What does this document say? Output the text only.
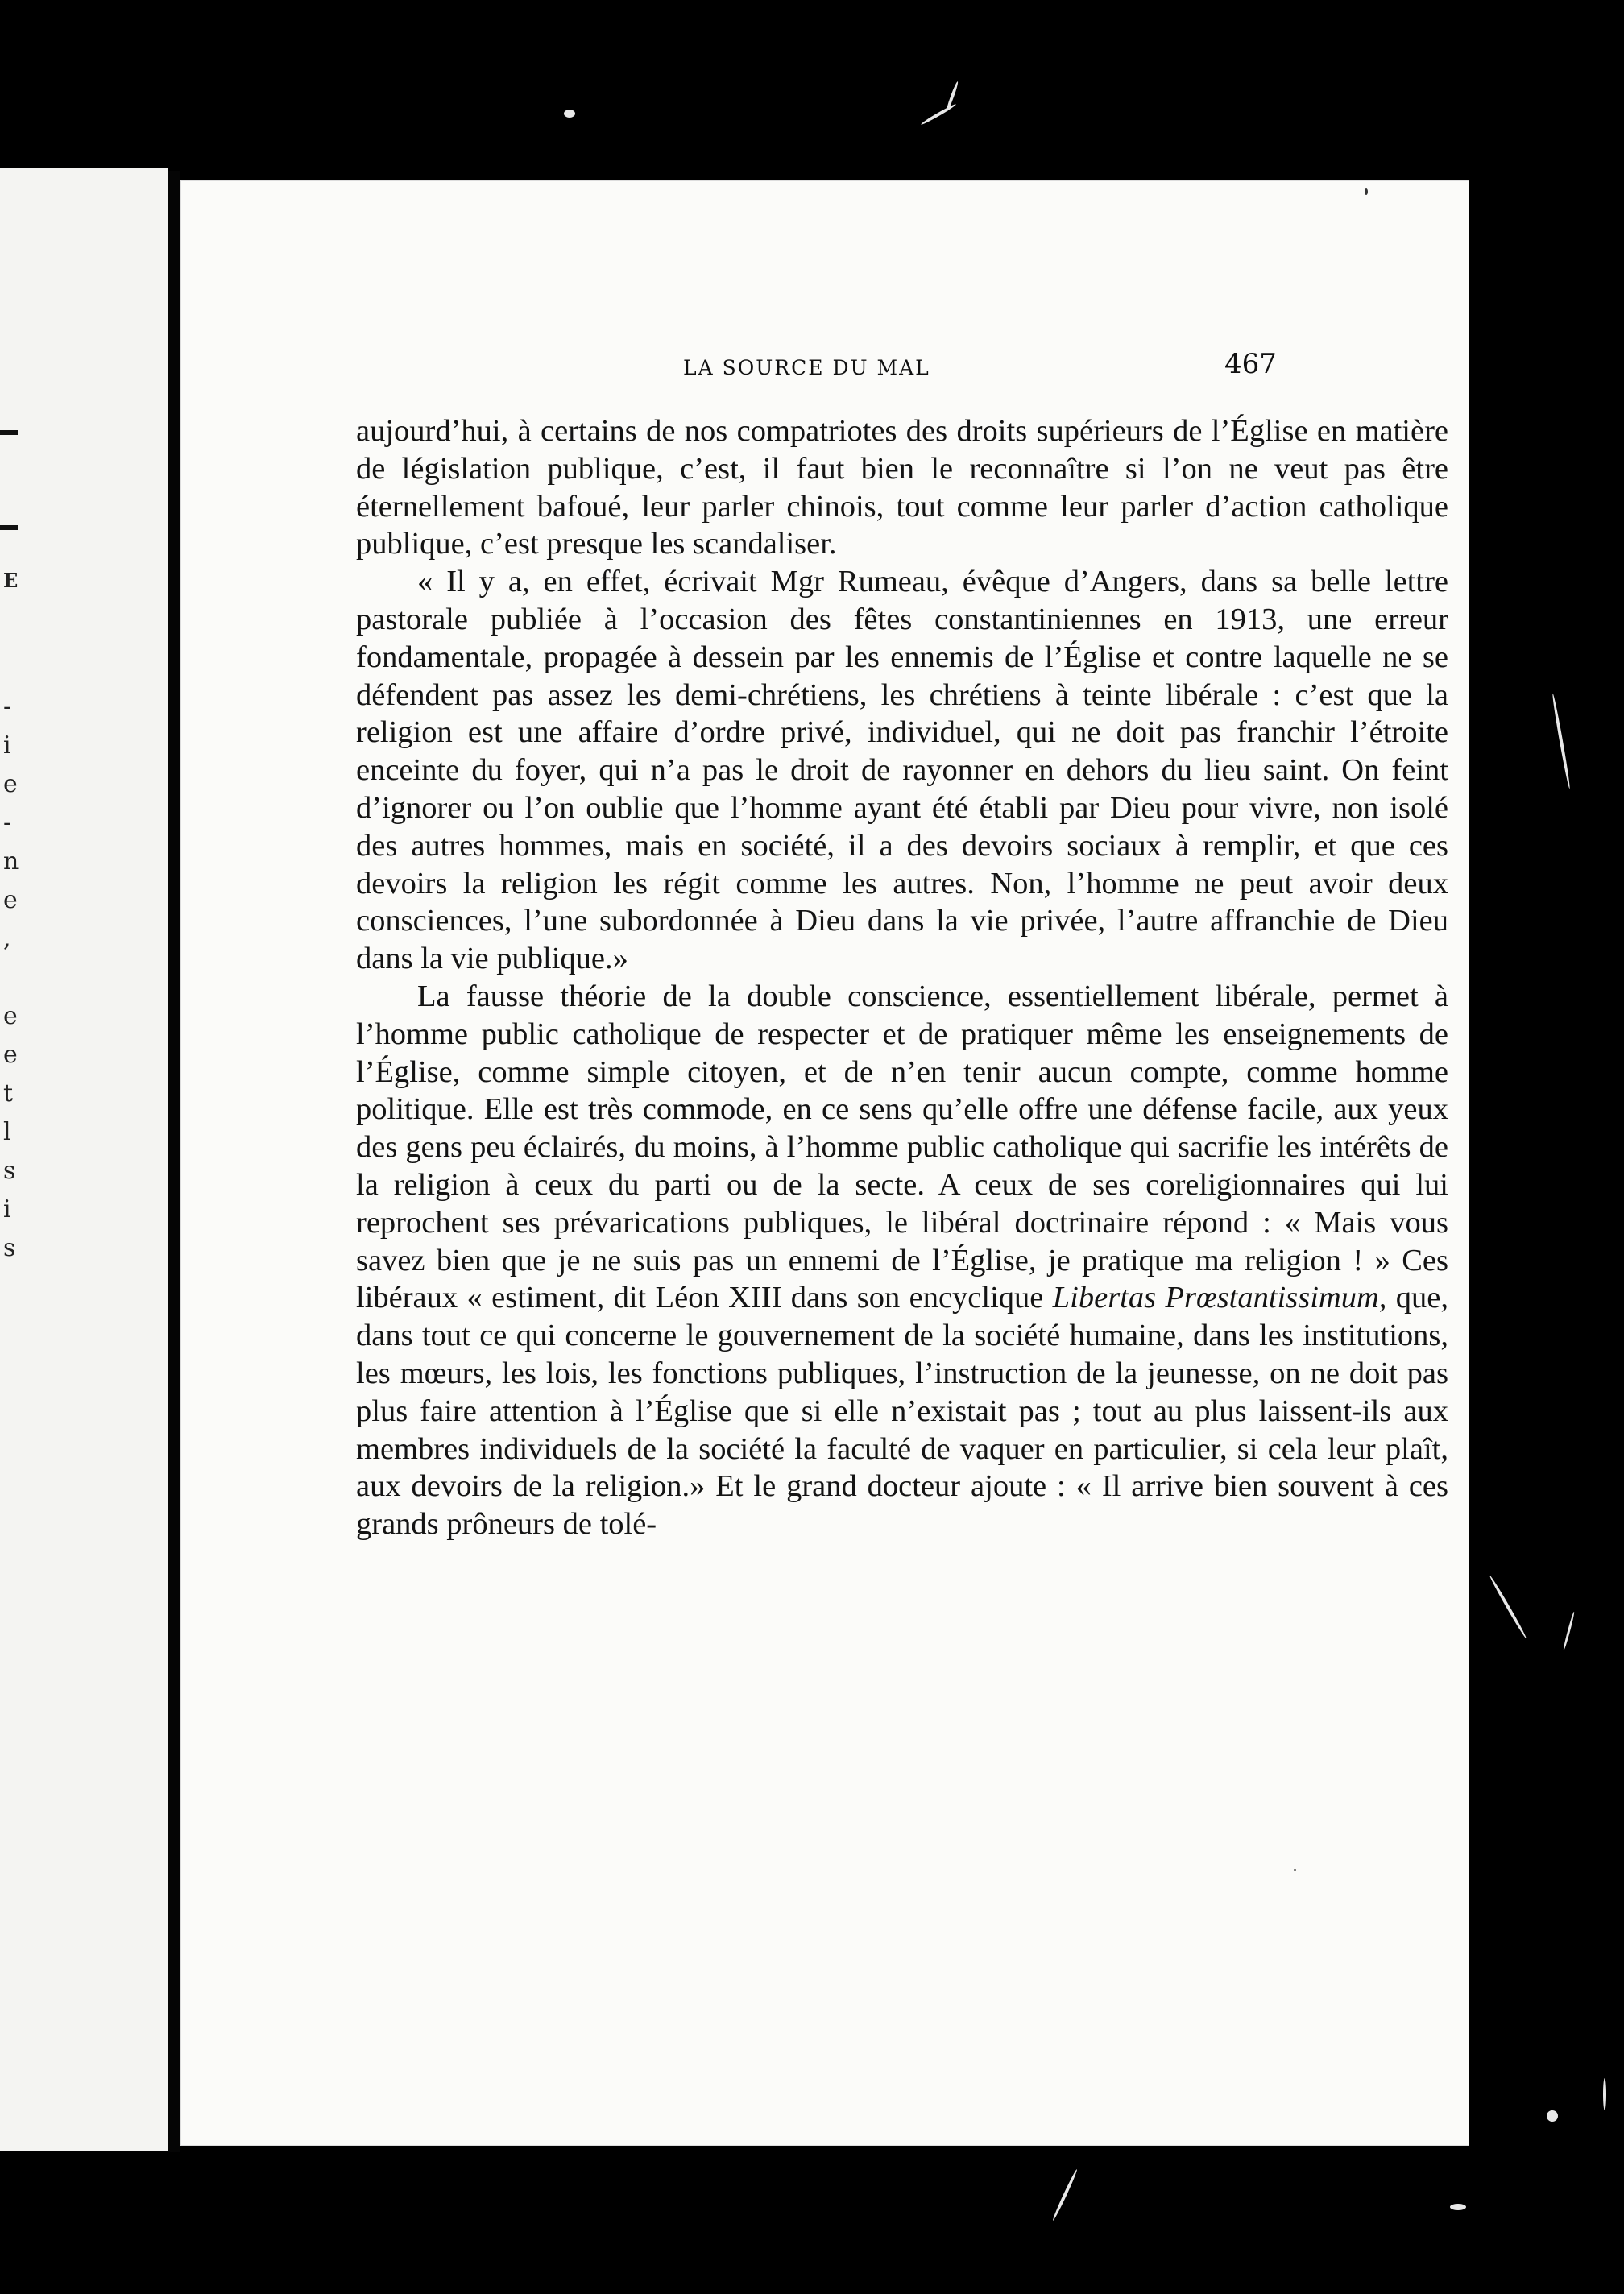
E
-
i
e
-
n
e
,
e
e
t
l
s
i
s
LA SOURCE DU MAL	467

aujourd’hui, à certains de nos compatriotes des droits supérieurs de l’Église en matière de législation publique, c’est, il faut bien le reconnaître si l’on ne veut pas être éternellement bafoué, leur parler chinois, tout comme leur parler d’action catholique publique, c’est presque les scandaliser.

« Il y a, en effet, écrivait Mgr Rumeau, évêque d’Angers, dans sa belle lettre pastorale publiée à l’occasion des fêtes constantiniennes en 1913, une erreur fondamentale, propagée à dessein par les ennemis de l’Église et contre laquelle ne se défendent pas assez les demi-chrétiens, les chrétiens à teinte libérale : c’est que la religion est une affaire d’ordre privé, individuel, qui ne doit pas franchir l’étroite enceinte du foyer, qui n’a pas le droit de rayonner en dehors du lieu saint. On feint d’ignorer ou l’on oublie que l’homme ayant été établi par Dieu pour vivre, non isolé des autres hommes, mais en société, il a des devoirs sociaux à remplir, et que ces devoirs la religion les régit comme les autres. Non, l’homme ne peut avoir deux consciences, l’une subordonnée à Dieu dans la vie privée, l’autre affranchie de Dieu dans la vie publique.»

La fausse théorie de la double conscience, essentiellement libérale, permet à l’homme public catholique de respecter et de pratiquer même les enseignements de l’Église, comme simple citoyen, et de n’en tenir aucun compte, comme homme politique. Elle est très commode, en ce sens qu’elle offre une défense facile, aux yeux des gens peu éclairés, du moins, à l’homme public catholique qui sacrifie les intérêts de la religion à ceux du parti ou de la secte. A ceux de ses coreligionnaires qui lui reprochent ses prévarications publiques, le libéral doctrinaire répond : « Mais vous savez bien que je ne suis pas un ennemi de l’Église, je pratique ma religion ! » Ces libéraux « estiment, dit Léon XIII dans son encyclique Libertas Prœstantissimum, que, dans tout ce qui concerne le gouvernement de la société humaine, dans les institutions, les mœurs, les lois, les fonctions publiques, l’instruction de la jeunesse, on ne doit pas plus faire attention à l’Église que si elle n’existait pas ; tout au plus laissent-ils aux membres individuels de la société la faculté de vaquer en particulier, si cela leur plaît, aux devoirs de la religion.» Et le grand docteur ajoute : « Il arrive bien souvent à ces grands prôneurs de tolé-
